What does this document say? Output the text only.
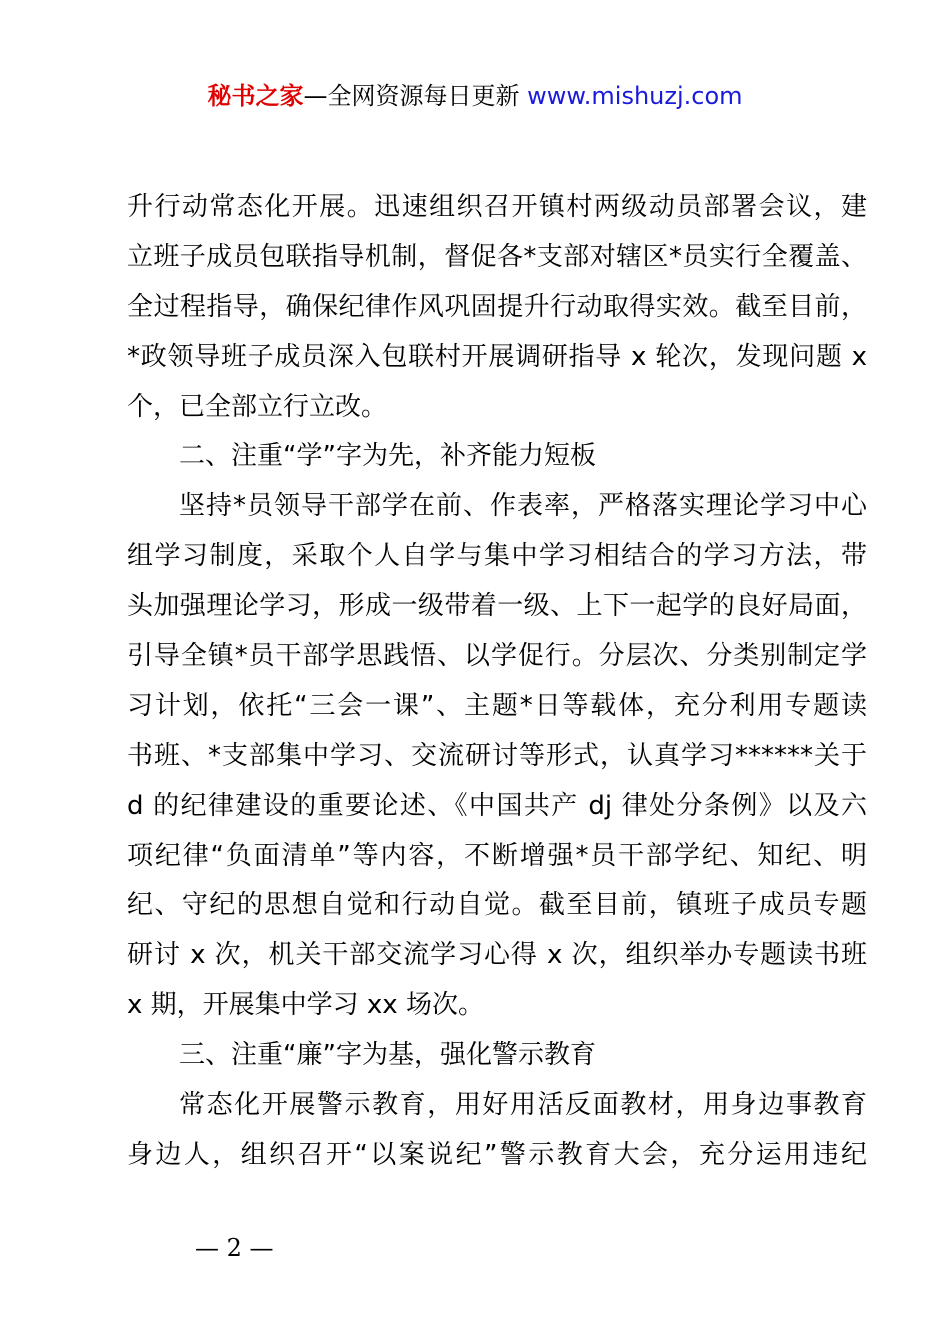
秘书之家—全网资源每日更新 www.mishuzj.com
升行动常态化开展。迅速组织召开镇村两级动员部署会议，建
立班子成员包联指导机制，督促各*支部对辖区*员实行全覆盖、
全过程指导，确保纪律作风巩固提升行动取得实效。截至目前，
*政领导班子成员深入包联村开展调研指导 x 轮次，发现问题 x
个，已全部立行立改。
二、注重“学”字为先，补齐能力短板
坚持*员领导干部学在前、作表率，严格落实理论学习中心
组学习制度，采取个人自学与集中学习相结合的学习方法，带
头加强理论学习，形成一级带着一级、上下一起学的良好局面，
引导全镇*员干部学思践悟、以学促行。分层次、分类别制定学
习计划，依托“三会一课”、主题*日等载体，充分利用专题读
书班、*支部集中学习、交流研讨等形式，认真学习******关于
d 的纪律建设的重要论述、《中国共产 dj 律处分条例》以及六
项纪律“负面清单”等内容，不断增强*员干部学纪、知纪、明
纪、守纪的思想自觉和行动自觉。截至目前，镇班子成员专题
研讨 x 次，机关干部交流学习心得 x 次，组织举办专题读书班
x 期，开展集中学习 xx 场次。
三、注重“廉”字为基，强化警示教育
常态化开展警示教育，用好用活反面教材，用身边事教育
身边人，组织召开“以案说纪”警示教育大会，充分运用违纪
— 2 —
